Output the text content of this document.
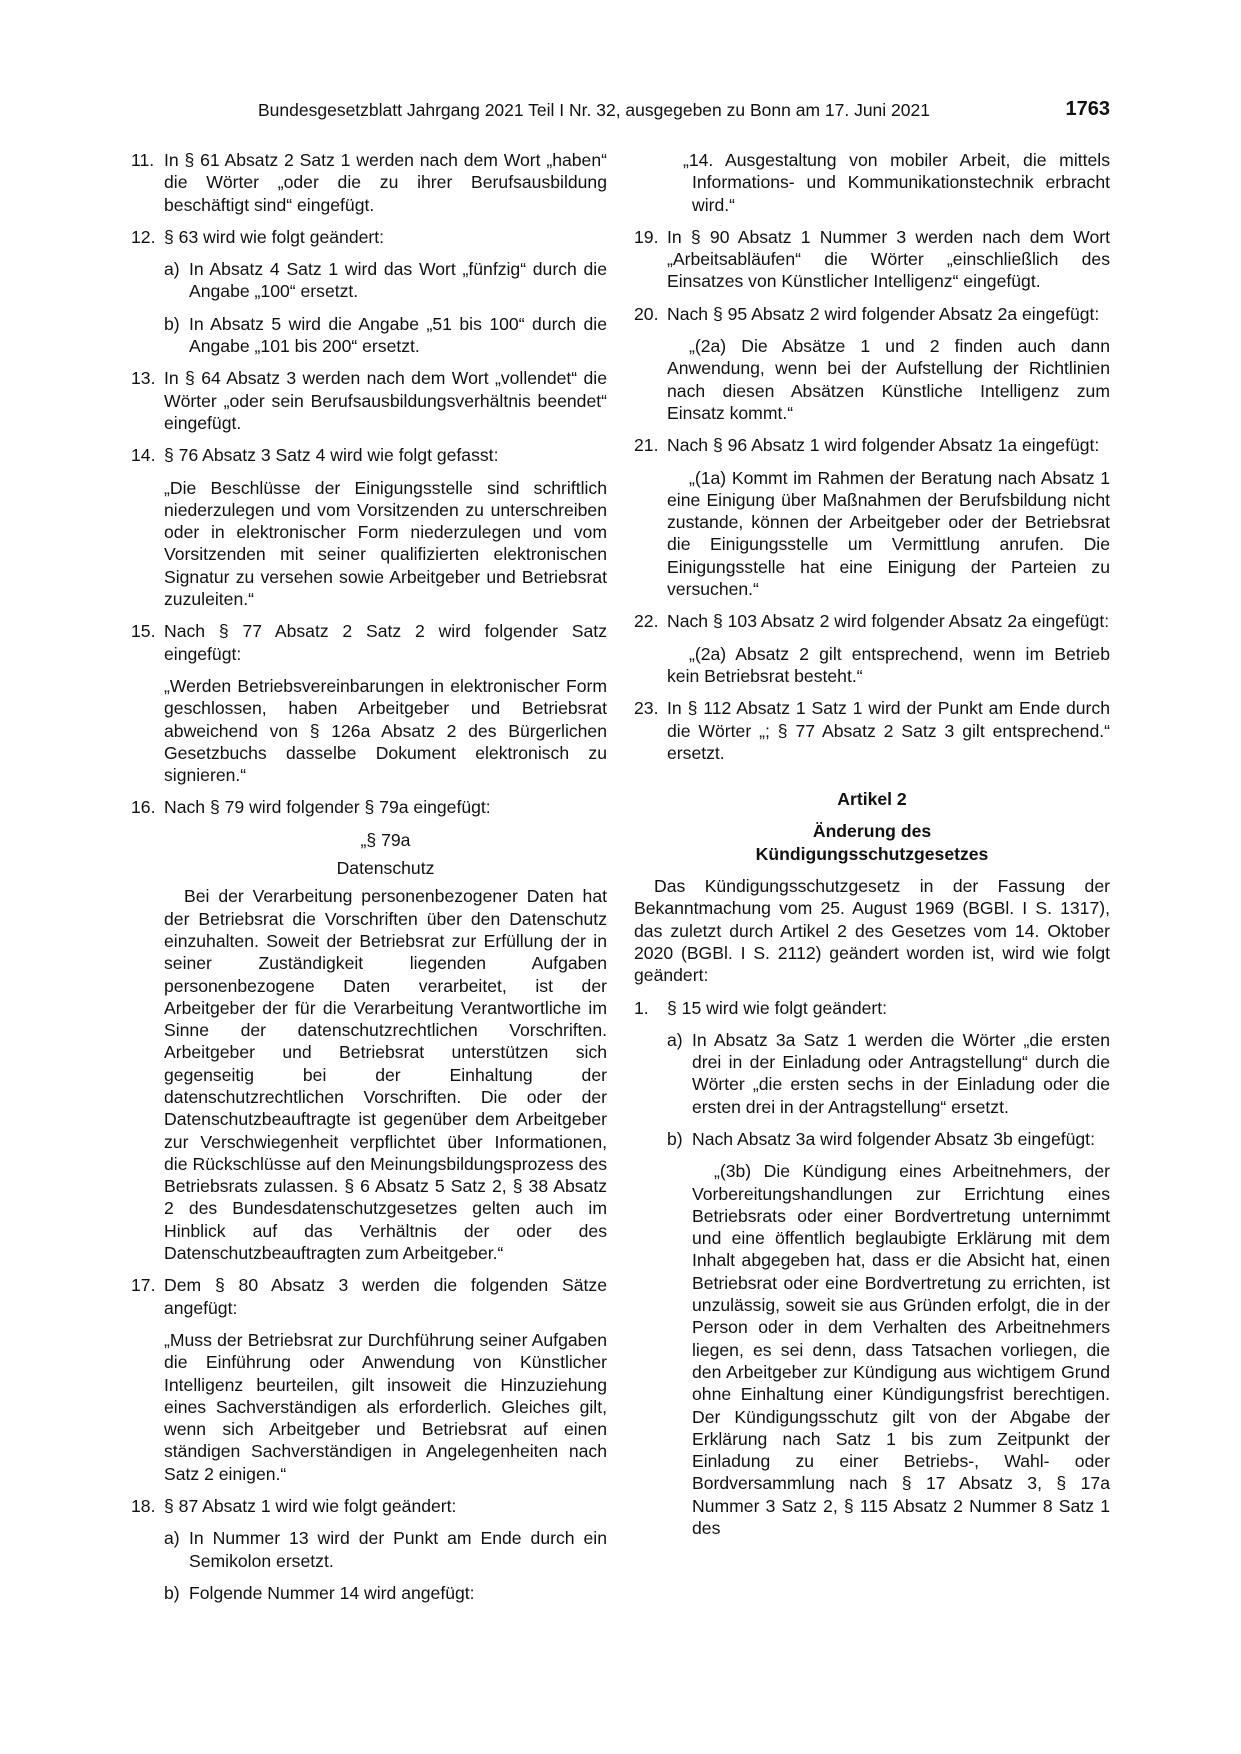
Bundesgesetzblatt Jahrgang 2021 Teil I Nr. 32, ausgegeben zu Bonn am 17. Juni 2021	1763
11. In § 61 Absatz 2 Satz 1 werden nach dem Wort „haben“ die Wörter „oder die zu ihrer Berufsausbildung beschäftigt sind“ eingefügt.
12. § 63 wird wie folgt geändert:
a) In Absatz 4 Satz 1 wird das Wort „fünfzig“ durch die Angabe „100“ ersetzt.
b) In Absatz 5 wird die Angabe „51 bis 100“ durch die Angabe „101 bis 200“ ersetzt.
13. In § 64 Absatz 3 werden nach dem Wort „vollendet“ die Wörter „oder sein Berufsausbildungsverhältnis beendet“ eingefügt.
14. § 76 Absatz 3 Satz 4 wird wie folgt gefasst:
„Die Beschlüsse der Einigungsstelle sind schriftlich niederzulegen und vom Vorsitzenden zu unterschreiben oder in elektronischer Form niederzulegen und vom Vorsitzenden mit seiner qualifizierten elektronischen Signatur zu versehen sowie Arbeitgeber und Betriebsrat zuzuleiten.“
15. Nach § 77 Absatz 2 Satz 2 wird folgender Satz eingefügt:
„Werden Betriebsvereinbarungen in elektronischer Form geschlossen, haben Arbeitgeber und Betriebsrat abweichend von § 126a Absatz 2 des Bürgerlichen Gesetzbuchs dasselbe Dokument elektronisch zu signieren.“
16. Nach § 79 wird folgender § 79a eingefügt:
„§ 79a
Datenschutz
Bei der Verarbeitung personenbezogener Daten hat der Betriebsrat die Vorschriften über den Datenschutz einzuhalten. Soweit der Betriebsrat zur Erfüllung der in seiner Zuständigkeit liegenden Aufgaben personenbezogene Daten verarbeitet, ist der Arbeitgeber der für die Verarbeitung Verantwortliche im Sinne der datenschutzrechtlichen Vorschriften. Arbeitgeber und Betriebsrat unterstützen sich gegenseitig bei der Einhaltung der datenschutzrechtlichen Vorschriften. Die oder der Datenschutzbeauftragte ist gegenüber dem Arbeitgeber zur Verschwiegenheit verpflichtet über Informationen, die Rückschlüsse auf den Meinungsbildungsprozess des Betriebsrats zulassen. § 6 Absatz 5 Satz 2, § 38 Absatz 2 des Bundesdatenschutzgesetzes gelten auch im Hinblick auf das Verhältnis der oder des Datenschutzbeauftragten zum Arbeitgeber.“
17. Dem § 80 Absatz 3 werden die folgenden Sätze angefügt:
„Muss der Betriebsrat zur Durchführung seiner Aufgaben die Einführung oder Anwendung von Künstlicher Intelligenz beurteilen, gilt insoweit die Hinzuziehung eines Sachverständigen als erforderlich. Gleiches gilt, wenn sich Arbeitgeber und Betriebsrat auf einen ständigen Sachverständigen in Angelegenheiten nach Satz 2 einigen.“
18. § 87 Absatz 1 wird wie folgt geändert:
a) In Nummer 13 wird der Punkt am Ende durch ein Semikolon ersetzt.
b) Folgende Nummer 14 wird angefügt:
„14. Ausgestaltung von mobiler Arbeit, die mittels Informations- und Kommunikationstechnik erbracht wird.“
19. In § 90 Absatz 1 Nummer 3 werden nach dem Wort „Arbeitsabläufen“ die Wörter „einschließlich des Einsatzes von Künstlicher Intelligenz“ eingefügt.
20. Nach § 95 Absatz 2 wird folgender Absatz 2a eingefügt:
„(2a) Die Absätze 1 und 2 finden auch dann Anwendung, wenn bei der Aufstellung der Richtlinien nach diesen Absätzen Künstliche Intelligenz zum Einsatz kommt.“
21. Nach § 96 Absatz 1 wird folgender Absatz 1a eingefügt:
„(1a) Kommt im Rahmen der Beratung nach Absatz 1 eine Einigung über Maßnahmen der Berufsbildung nicht zustande, können der Arbeitgeber oder der Betriebsrat die Einigungsstelle um Vermittlung anrufen. Die Einigungsstelle hat eine Einigung der Parteien zu versuchen.“
22. Nach § 103 Absatz 2 wird folgender Absatz 2a eingefügt:
„(2a) Absatz 2 gilt entsprechend, wenn im Betrieb kein Betriebsrat besteht.“
23. In § 112 Absatz 1 Satz 1 wird der Punkt am Ende durch die Wörter „; § 77 Absatz 2 Satz 3 gilt entsprechend.“ ersetzt.
Artikel 2
Änderung des
Kündigungsschutzgesetzes
Das Kündigungsschutzgesetz in der Fassung der Bekanntmachung vom 25. August 1969 (BGBl. I S. 1317), das zuletzt durch Artikel 2 des Gesetzes vom 14. Oktober 2020 (BGBl. I S. 2112) geändert worden ist, wird wie folgt geändert:
1. § 15 wird wie folgt geändert:
a) In Absatz 3a Satz 1 werden die Wörter „die ersten drei in der Einladung oder Antragstellung“ durch die Wörter „die ersten sechs in der Einladung oder die ersten drei in der Antragstellung“ ersetzt.
b) Nach Absatz 3a wird folgender Absatz 3b eingefügt:
„(3b) Die Kündigung eines Arbeitnehmers, der Vorbereitungshandlungen zur Errichtung eines Betriebsrats oder einer Bordvertretung unternimmt und eine öffentlich beglaubigte Erklärung mit dem Inhalt abgegeben hat, dass er die Absicht hat, einen Betriebsrat oder eine Bordvertretung zu errichten, ist unzulässig, soweit sie aus Gründen erfolgt, die in der Person oder in dem Verhalten des Arbeitnehmers liegen, es sei denn, dass Tatsachen vorliegen, die den Arbeitgeber zur Kündigung aus wichtigem Grund ohne Einhaltung einer Kündigungsfrist berechtigen. Der Kündigungsschutz gilt von der Abgabe der Erklärung nach Satz 1 bis zum Zeitpunkt der Einladung zu einer Betriebs-, Wahl- oder Bordversammlung nach § 17 Absatz 3, § 17a Nummer 3 Satz 2, § 115 Absatz 2 Nummer 8 Satz 1 des
